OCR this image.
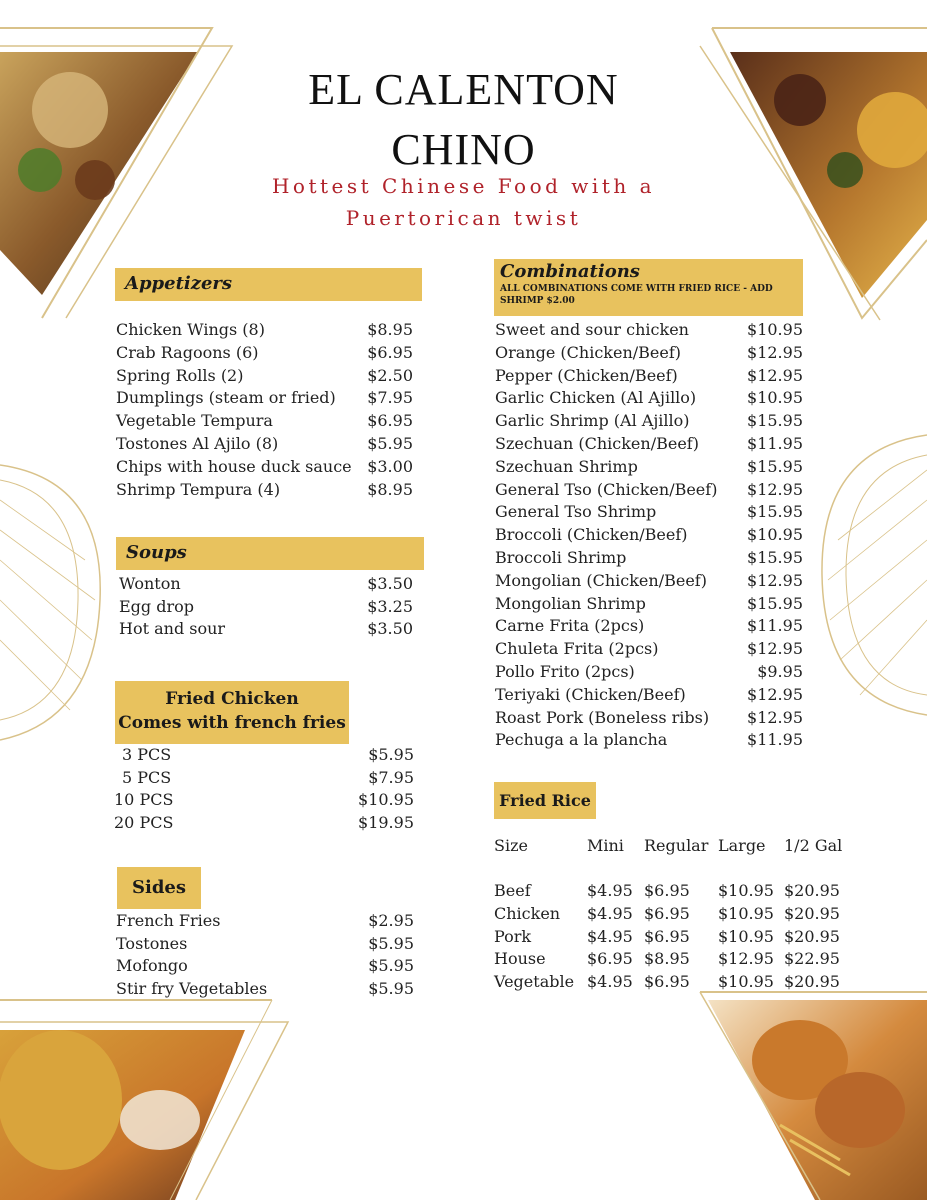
EL CALENTON
CHINO
Hottest Chinese Food with a
Puertorican twist
Appetizers
Chicken Wings (8)	$8.95
Crab Ragoons (6)	$6.95
Spring Rolls (2)	$2.50
Dumplings (steam or fried) $7.95
Vegetable Tempura	$6.95
Tostones Al Ajilo (8)	$5.95
Chips with house duck sauce $3.00
Shrimp Tempura (4)	$8.95
Soups
Wonton	$3.50
Egg drop	$3.25
Hot and sour	$3.50
Fried Chicken
Comes with french fries
3 PCS	$5.95
5 PCS	$7.95
10 PCS	$10.95
20 PCS	$19.95
Sides
French Fries	$2.95
Tostones	$5.95
Mofongo	$5.95
Stir fry Vegetables	$5.95
Combinations
ALL COMBINATIONS COME WITH FRIED RICE - ADD SHRIMP $2.00
Sweet and sour chicken	$10.95
Orange (Chicken/Beef)	$12.95
Pepper (Chicken/Beef)	$12.95
Garlic Chicken (Al Ajillo)	$10.95
Garlic Shrimp (Al Ajillo)	$15.95
Szechuan (Chicken/Beef)	$11.95
Szechuan Shrimp	$15.95
General Tso (Chicken/Beef) $12.95
General Tso Shrimp	$15.95
Broccoli (Chicken/Beef)	$10.95
Broccoli Shrimp	$15.95
Mongolian (Chicken/Beef)	$12.95
Mongolian Shrimp	$15.95
Carne Frita (2pcs)	$11.95
Chuleta Frita (2pcs)	$12.95
Pollo Frito (2pcs)	$9.95
Teriyaki (Chicken/Beef)	$12.95
Roast Pork (Boneless ribs) $12.95
Pechuga a la plancha	$11.95
Fried Rice
Size	Mini Regular Large 1/2 Gal
Beef	$4.95 $6.95 $10.95 $20.95
Chicken $4.95 $6.95 $10.95 $20.95
Pork	$4.95 $6.95 $10.95 $20.95
House	$6.95 $8.95 $12.95 $22.95
Vegetable $4.95 $6.95 $10.95 $20.95
